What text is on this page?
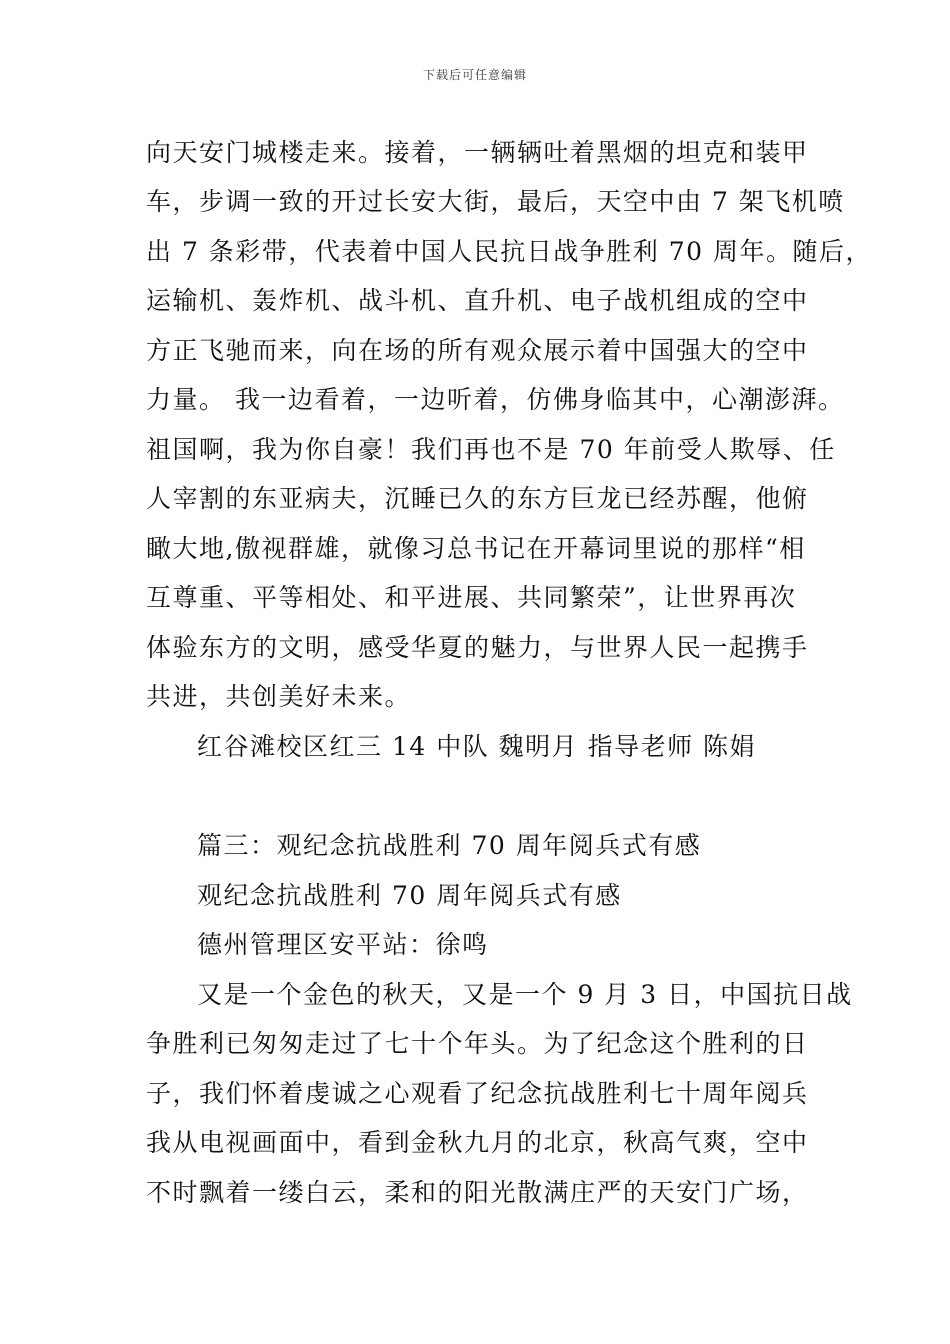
下载后可任意编辑
向天安门城楼走来。接着，一辆辆吐着黑烟的坦克和装甲
车，步调一致的开过长安大街，最后，天空中由 7 架飞机喷
出 7 条彩带，代表着中国人民抗日战争胜利 70 周年。随后，
运输机、轰炸机、战斗机、直升机、电子战机组成的空中
方正飞驰而来，向在场的所有观众展示着中国强大的空中
力量。 我一边看着，一边听着，仿佛身临其中，心潮澎湃。
祖国啊，我为你自豪！我们再也不是 70 年前受人欺辱、任
人宰割的东亚病夫，沉睡已久的东方巨龙已经苏醒，他俯
瞰大地,傲视群雄，就像习总书记在开幕词里说的那样“相
互尊重、平等相处、和平进展、共同繁荣”，让世界再次
体验东方的文明，感受华夏的魅力，与世界人民一起携手
共进，共创美好未来。
红谷滩校区红三 14 中队 魏明月 指导老师 陈娟
篇三：观纪念抗战胜利 70 周年阅兵式有感
观纪念抗战胜利 70 周年阅兵式有感
德州管理区安平站：徐鸣
又是一个金色的秋天，又是一个 9 月 3 日，中国抗日战
争胜利已匆匆走过了七十个年头。为了纪念这个胜利的日
子，我们怀着虔诚之心观看了纪念抗战胜利七十周年阅兵
我从电视画面中，看到金秋九月的北京，秋高气爽，空中
不时飘着一缕白云，柔和的阳光散满庄严的天安门广场，
